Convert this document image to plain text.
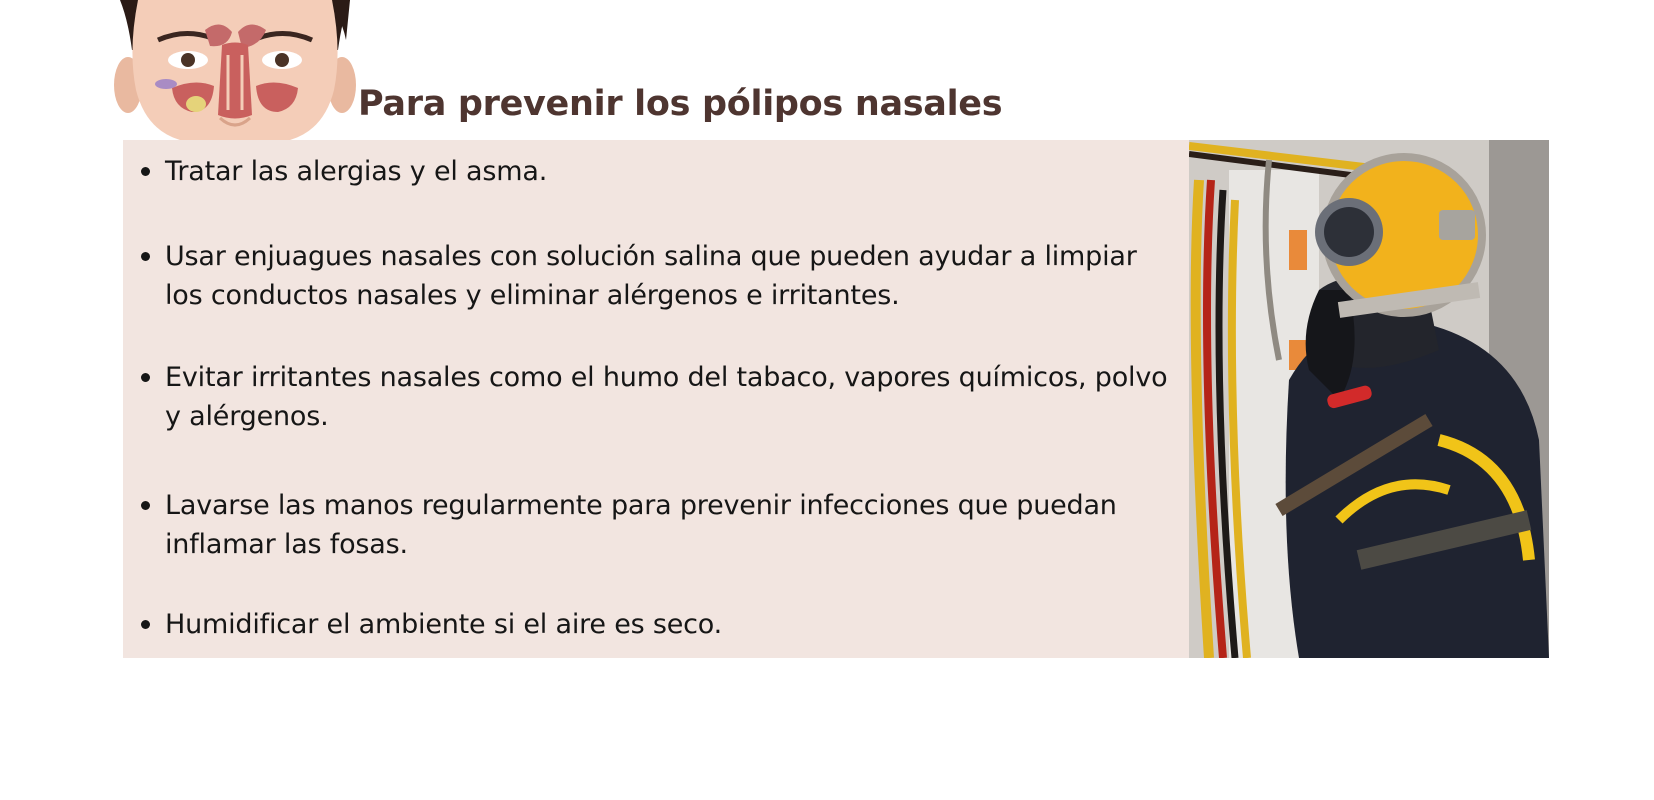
Para prevenir los pólipos nasales
Tratar las alergias y el asma.
Usar enjuagues nasales con solución salina que pueden ayudar a limpiar los conductos nasales y eliminar alérgenos e irritantes.
Evitar irritantes nasales como el humo del tabaco, vapores químicos, polvo y alérgenos.
Lavarse las manos regularmente para prevenir infecciones que puedan inflamar las fosas.
Humidificar el ambiente si el aire es seco.
